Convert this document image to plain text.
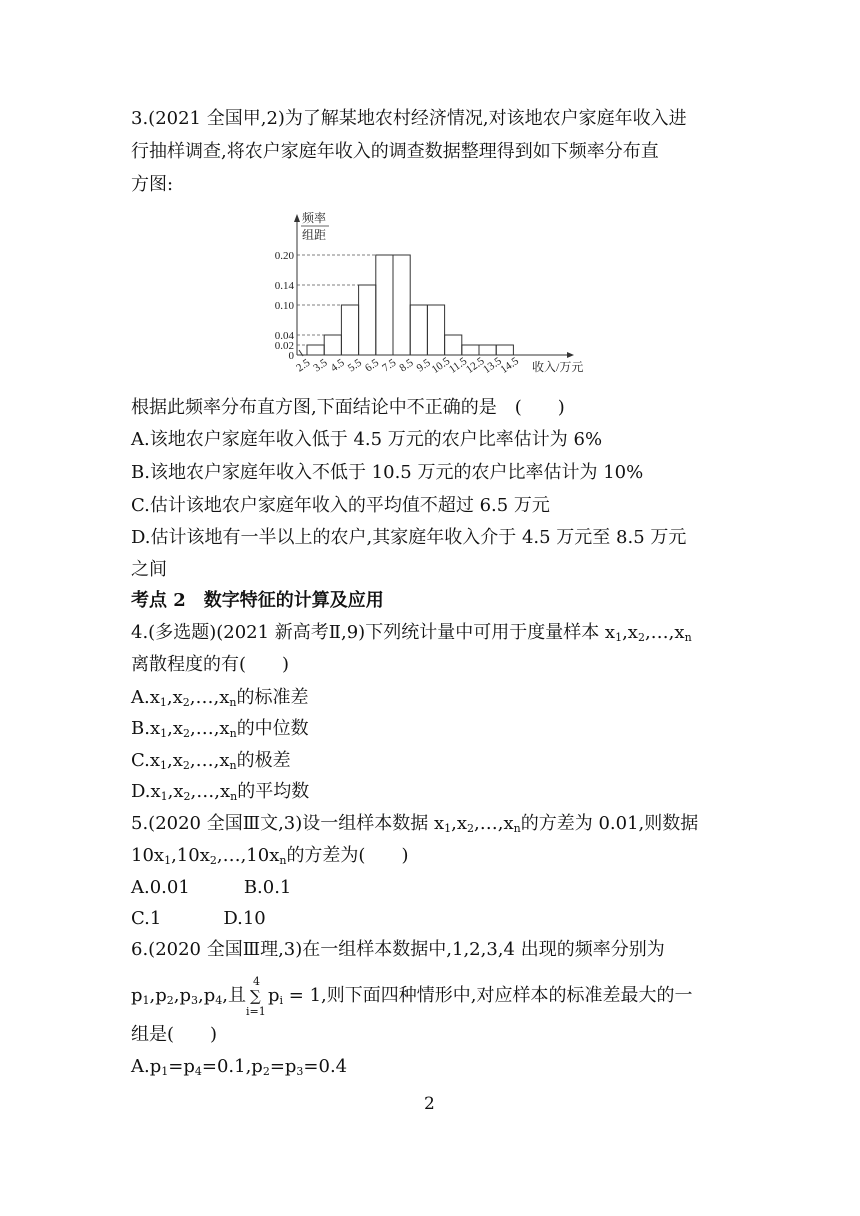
3.(2021 全国甲,2)为了解某地农村经济情况,对该地农户家庭年收入进
行抽样调查,将农户家庭年收入的调查数据整理得到如下频率分布直
方图:
频率
组距
0
0.02
0.04
0.10
0.14
0.20
2.5 3.5 4.5 5.5 6.5 7.5 8.5 9.5
10.5
11.5
12.5
13.5
14.5 收入/万元
根据此频率分布直方图,下面结论中不正确的是　(　　)
A.该地农户家庭年收入低于 4.5 万元的农户比率估计为 6%
B.该地农户家庭年收入不低于 10.5 万元的农户比率估计为 10%
C.估计该地农户家庭年收入的平均值不超过 6.5 万元
D.估计该地有一半以上的农户,其家庭年收入介于 4.5 万元至 8.5 万元
之间
考点 2　数字特征的计算及应用
4.(多选题)(2021 新高考Ⅱ,9)下列统计量中可用于度量样本 $x_1,x_2,\dots,x_n$
离散程度的有(　　)
$A.x_1,x_2,\dots,x_n$的标准差
$B.x_1,x_2,\dots,x_n$的中位数
$C.x_1,x_2,\dots,x_n$的极差
$D.x_1,x_2,\dots,x_n$的平均数
5.(2020 全国Ⅲ文,3)设一组样本数据 $x_1,x_2,\dots,x_n$的方差为 0.01,则数据
$10x_1,10x_2,\dots,10x_n$的方差为(　　)
A.0.01	B.0.1
C.1	D.10
6.(2020 全国Ⅲ理,3)在一组样本数据中,1,2,3,4 出现的频率分别为
$p_1,p_2,p_3,p_4$,且
4
∑
i=1
$p_i = 1$,则下面四种情形中,对应样本的标准差最大的一
组是(　　)
$A.p_1=p_4=0.1,p_2=p_3=0.4$
2
